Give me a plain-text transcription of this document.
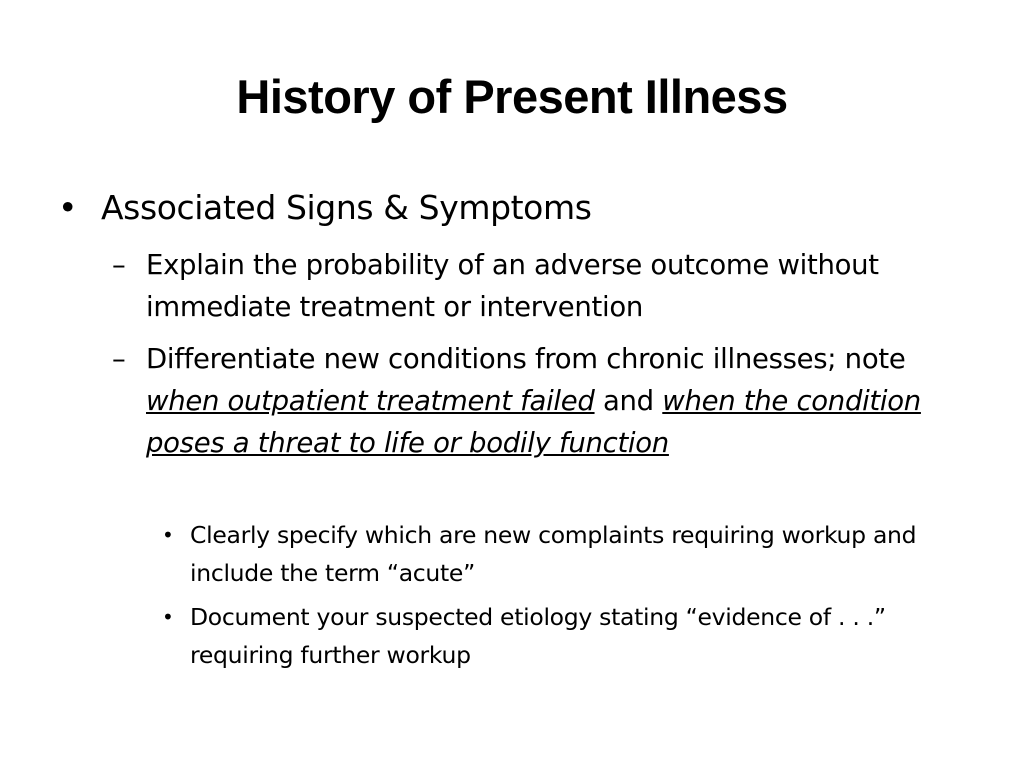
History of Present Illness
• Associated Signs & Symptoms
– Explain the probability of an adverse outcome without immediate treatment or intervention
– Differentiate new conditions from chronic illnesses; note when outpatient treatment failed and when the condition poses a threat to life or bodily function
• Clearly specify which are new complaints requiring workup and include the term “acute”
• Document your suspected etiology stating “evidence of . . .”  requiring further workup
